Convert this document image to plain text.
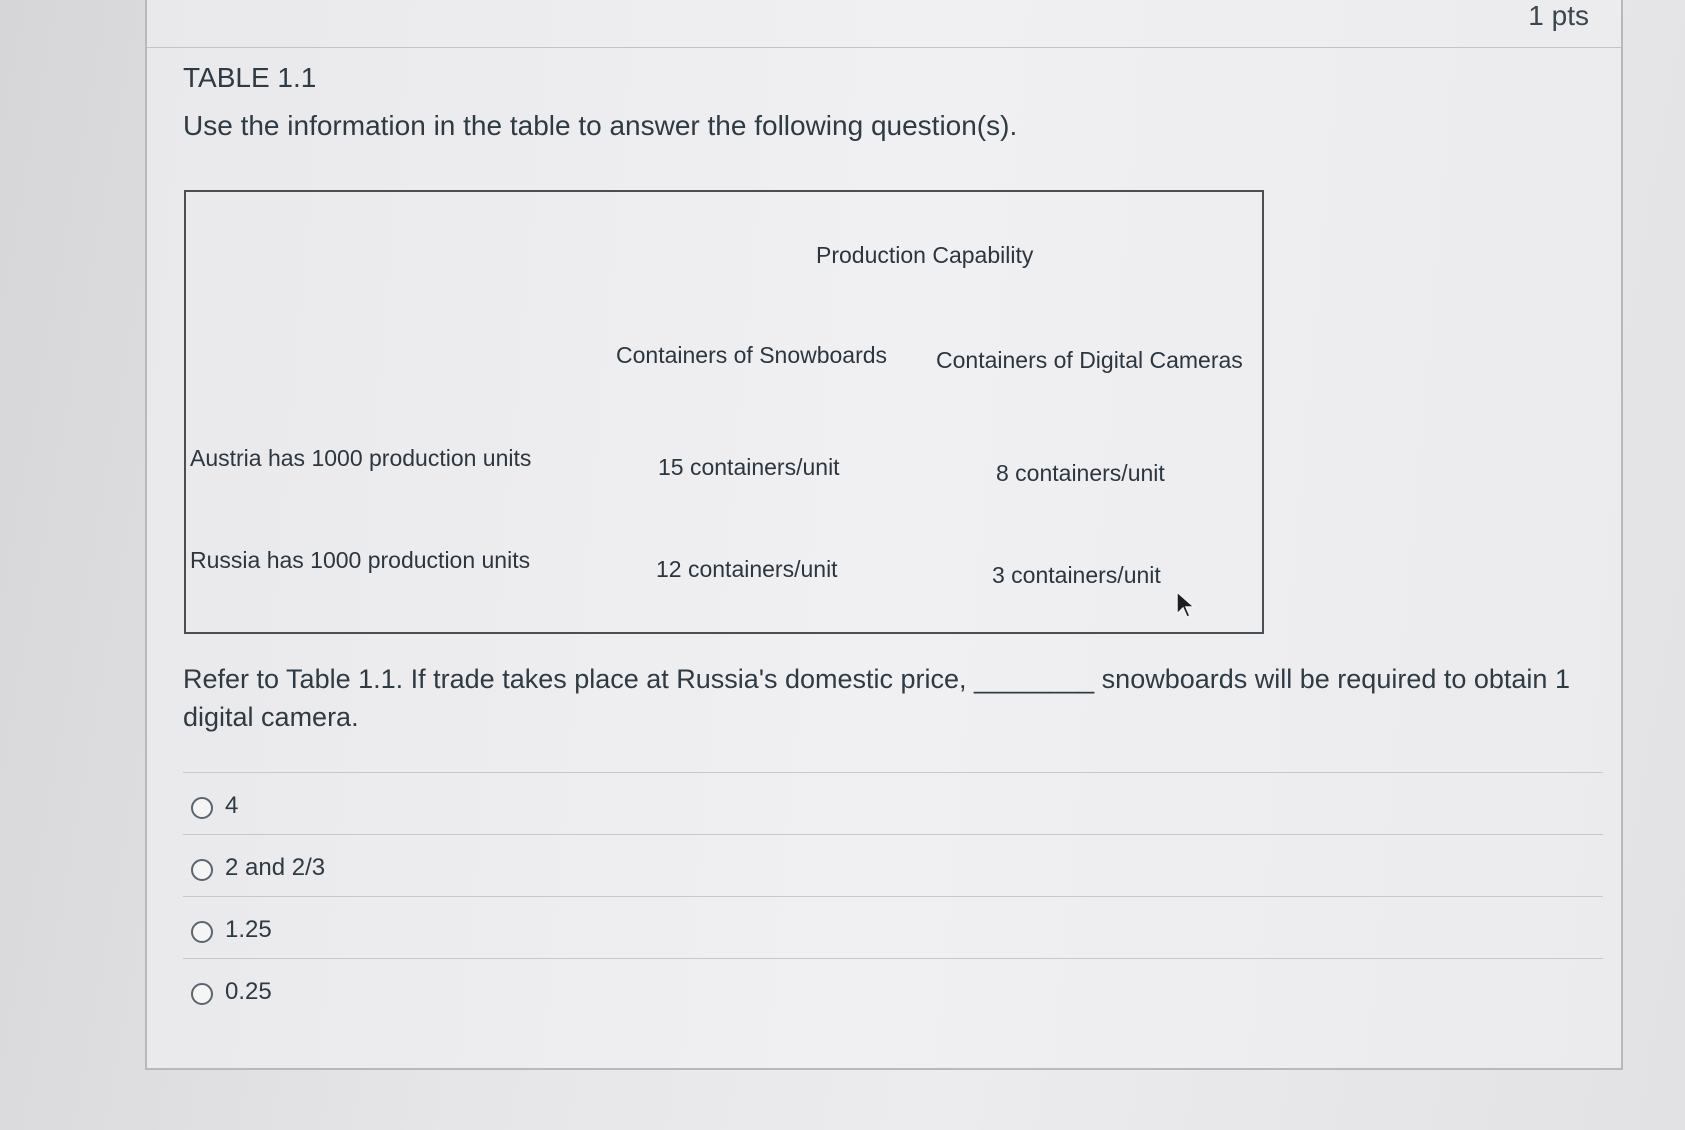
1 pts
TABLE 1.1
Use the information in the table to answer the following question(s).
Production Capability
Containers of Snowboards Containers of Digital Cameras
Austria has 1000 production units	15 containers/unit	8 containers/unit
Russia has 1000 production units	12 containers/unit	3 containers/unit
Refer to Table 1.1. If trade takes place at Russia's domestic price, ________ snowboards will be required to obtain 1 digital camera.
4
2 and 2/3
1.25
0.25
